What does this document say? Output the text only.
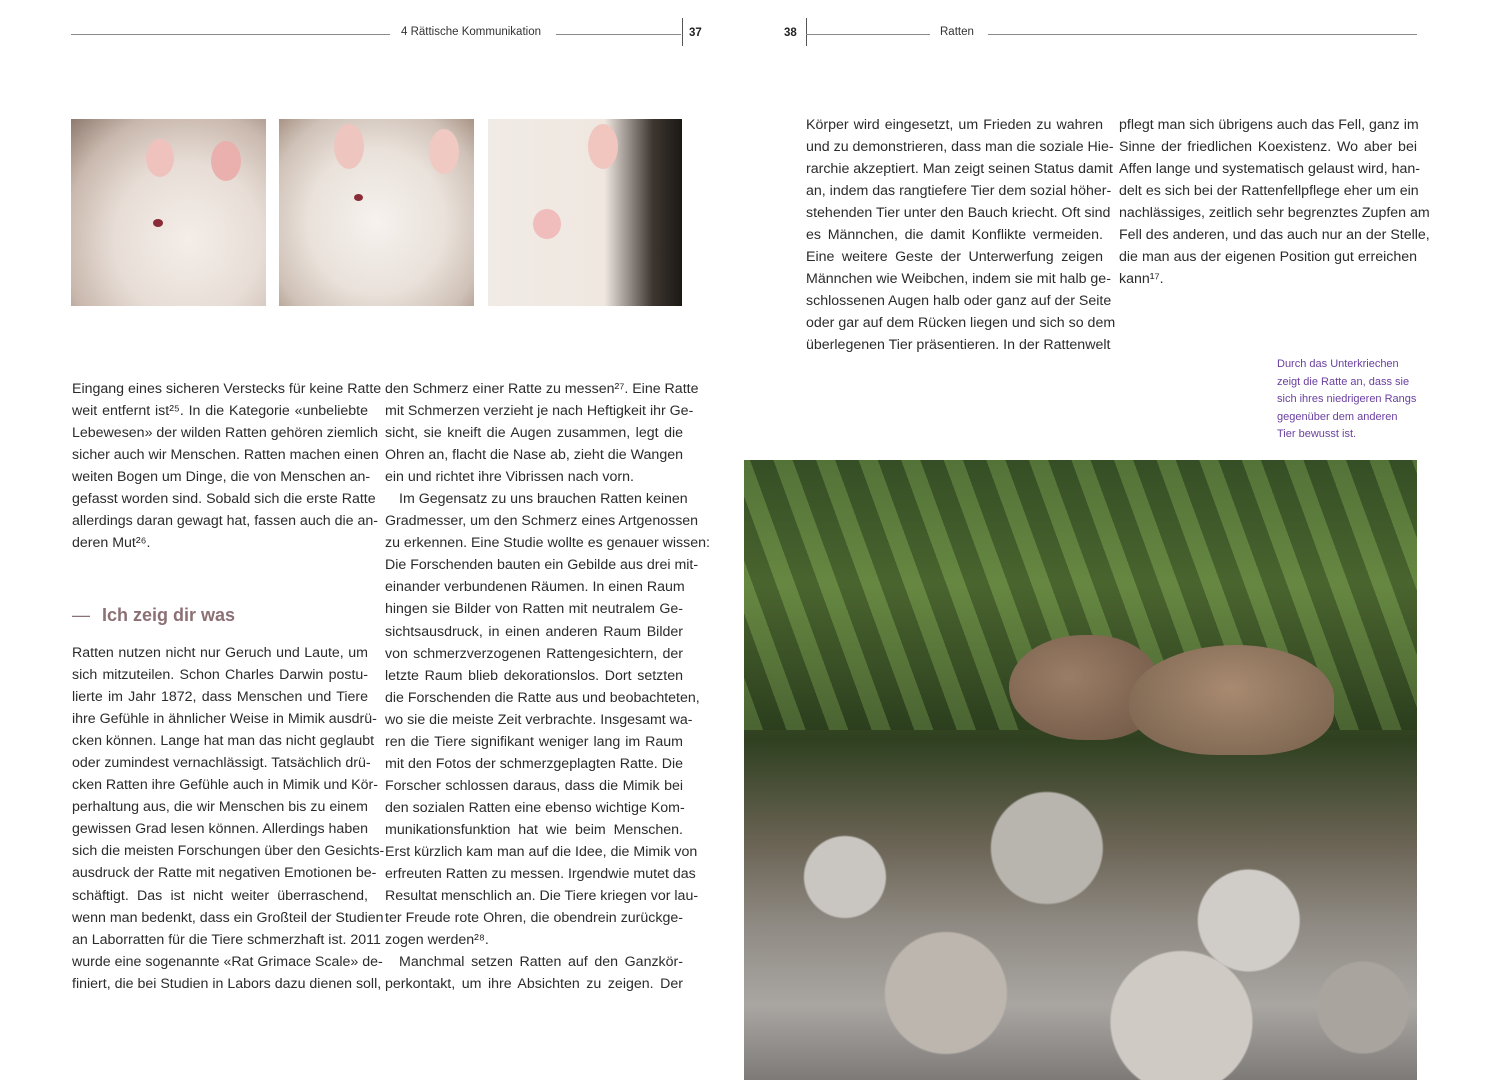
4 Rättische Kommunikation	37	38	Ratten
Eingang eines sicheren Verstecks für keine Ratte
weit entfernt ist²⁵. In die Kategorie «unbeliebte
Lebewesen» der wilden Ratten gehören ziemlich
sicher auch wir Menschen. Ratten machen einen
weiten Bogen um Dinge, die von Menschen an-
gefasst worden sind. Sobald sich die erste Ratte
allerdings daran gewagt hat, fassen auch die an-
deren Mut²⁶.
— Ich zeig dir was
Ratten nutzen nicht nur Geruch und Laute, um
sich mitzuteilen. Schon Charles Darwin postu-
lierte im Jahr 1872, dass Menschen und Tiere
ihre Gefühle in ähnlicher Weise in Mimik ausdrü-
cken können. Lange hat man das nicht geglaubt
oder zumindest vernachlässigt. Tatsächlich drü-
cken Ratten ihre Gefühle auch in Mimik und Kör-
perhaltung aus, die wir Menschen bis zu einem
gewissen Grad lesen können. Allerdings haben
sich die meisten Forschungen über den Gesichts-
ausdruck der Ratte mit negativen Emotionen be-
schäftigt. Das ist nicht weiter überraschend,
wenn man bedenkt, dass ein Großteil der Studien
an Laborratten für die Tiere schmerzhaft ist. 2011
wurde eine sogenannte «Rat Grimace Scale» de-
finiert, die bei Studien in Labors dazu dienen soll,
den Schmerz einer Ratte zu messen²⁷. Eine Ratte
mit Schmerzen verzieht je nach Heftigkeit ihr Ge-
sicht, sie kneift die Augen zusammen, legt die
Ohren an, flacht die Nase ab, zieht die Wangen
ein und richtet ihre Vibrissen nach vorn.
Im Gegensatz zu uns brauchen Ratten keinen
Gradmesser, um den Schmerz eines Artgenossen
zu erkennen. Eine Studie wollte es genauer wissen:
Die Forschenden bauten ein Gebilde aus drei mit-
einander verbundenen Räumen. In einen Raum
hingen sie Bilder von Ratten mit neutralem Ge-
sichtsausdruck, in einen anderen Raum Bilder
von schmerzverzogenen Rattengesichtern, der
letzte Raum blieb dekorationslos. Dort setzten
die Forschenden die Ratte aus und beobachteten,
wo sie die meiste Zeit verbrachte. Insgesamt wa-
ren die Tiere signifikant weniger lang im Raum
mit den Fotos der schmerzgeplagten Ratte. Die
Forscher schlossen daraus, dass die Mimik bei
den sozialen Ratten eine ebenso wichtige Kom-
munikationsfunktion hat wie beim Menschen.
Erst kürzlich kam man auf die Idee, die Mimik von
erfreuten Ratten zu messen. Irgendwie mutet das
Resultat menschlich an. Die Tiere kriegen vor lau-
ter Freude rote Ohren, die obendrein zurückge-
zogen werden²⁸.
Manchmal setzen Ratten auf den Ganzkör-
perkontakt, um ihre Absichten zu zeigen. Der
Körper wird eingesetzt, um Frieden zu wahren
und zu demonstrieren, dass man die soziale Hie-
rarchie akzeptiert. Man zeigt seinen Status damit
an, indem das rangtiefere Tier dem sozial höher-
stehenden Tier unter den Bauch kriecht. Oft sind
es Männchen, die damit Konflikte vermeiden.
Eine weitere Geste der Unterwerfung zeigen
Männchen wie Weibchen, indem sie mit halb ge-
schlossenen Augen halb oder ganz auf der Seite
oder gar auf dem Rücken liegen und sich so dem
überlegenen Tier präsentieren. In der Rattenwelt
pflegt man sich übrigens auch das Fell, ganz im
Sinne der friedlichen Koexistenz. Wo aber bei
Affen lange und systematisch gelaust wird, han-
delt es sich bei der Rattenfellpflege eher um ein
nachlässiges, zeitlich sehr begrenztes Zupfen am
Fell des anderen, und das auch nur an der Stelle,
die man aus der eigenen Position gut erreichen
kann¹⁷.
Durch das Unterkriechen
zeigt die Ratte an, dass sie
sich ihres niedrigeren Rangs
gegenüber dem anderen
Tier bewusst ist.
